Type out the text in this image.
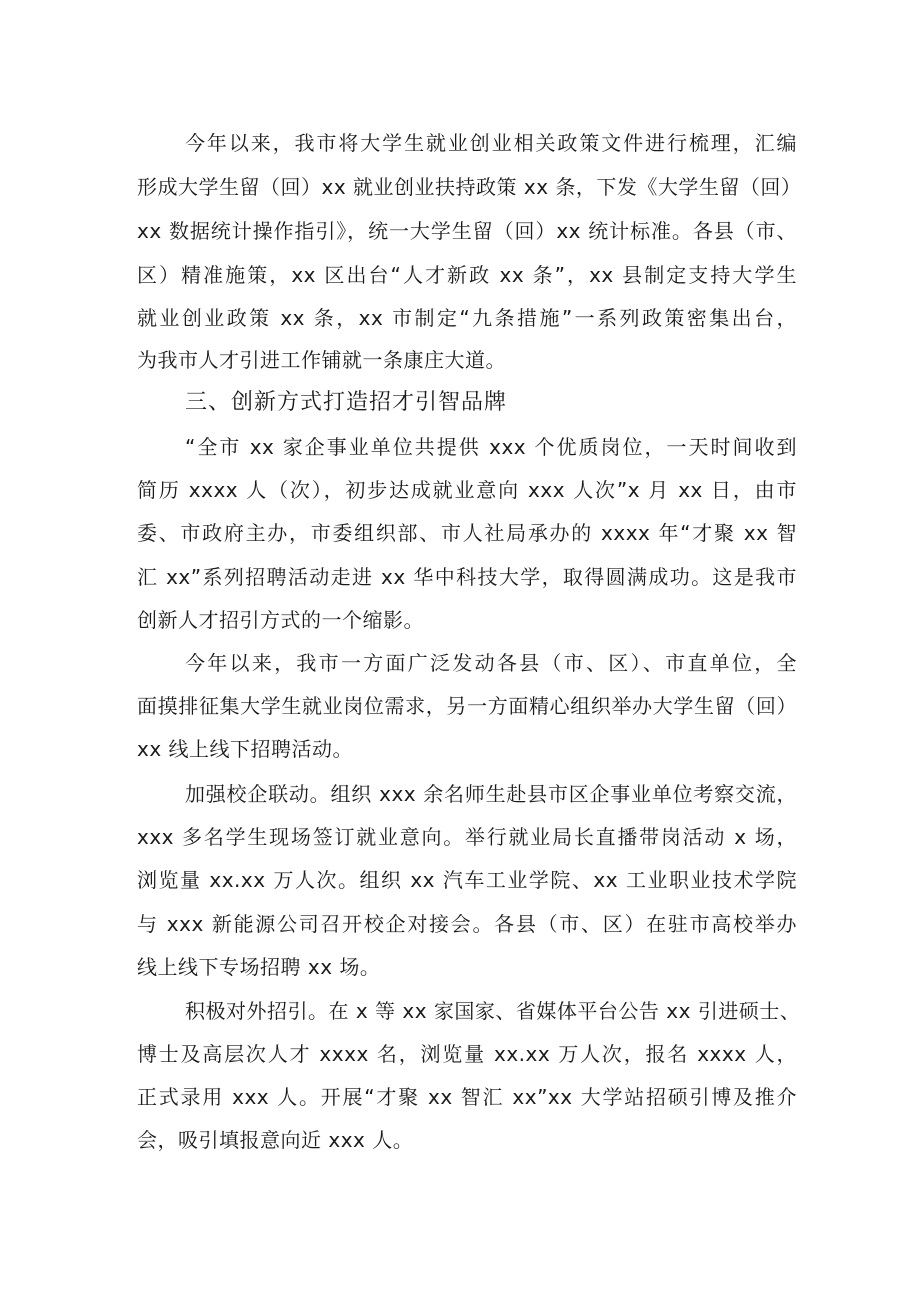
今年以来，我市将大学生就业创业相关政策文件进行梳理，汇编
形成大学生留（回）xx 就业创业扶持政策 xx 条，下发《大学生留（回）
xx 数据统计操作指引》，统一大学生留（回）xx 统计标准。各县（市、
区）精准施策，xx 区出台“人才新政 xx 条”，xx 县制定支持大学生
就业创业政策 xx 条，xx 市制定“九条措施”一系列政策密集出台，
为我市人才引进工作铺就一条康庄大道。
三、创新方式打造招才引智品牌
“全市 xx 家企事业单位共提供 xxx 个优质岗位，一天时间收到
简历 xxxx 人（次），初步达成就业意向 xxx 人次”x 月 xx 日，由市
委、市政府主办，市委组织部、市人社局承办的 xxxx 年“才聚 xx 智
汇 xx”系列招聘活动走进 xx 华中科技大学，取得圆满成功。这是我市
创新人才招引方式的一个缩影。
今年以来，我市一方面广泛发动各县（市、区）、市直单位，全
面摸排征集大学生就业岗位需求，另一方面精心组织举办大学生留（回）
xx 线上线下招聘活动。
加强校企联动。组织 xxx 余名师生赴县市区企事业单位考察交流，
xxx 多名学生现场签订就业意向。举行就业局长直播带岗活动 x 场，
浏览量 xx.xx 万人次。组织 xx 汽车工业学院、xx 工业职业技术学院
与 xxx 新能源公司召开校企对接会。各县（市、区）在驻市高校举办
线上线下专场招聘 xx 场。
积极对外招引。在 x 等 xx 家国家、省媒体平台公告 xx 引进硕士、
博士及高层次人才 xxxx 名，浏览量 xx.xx 万人次，报名 xxxx 人，
正式录用 xxx 人。开展“才聚 xx 智汇 xx”xx 大学站招硕引博及推介
会，吸引填报意向近 xxx 人。
